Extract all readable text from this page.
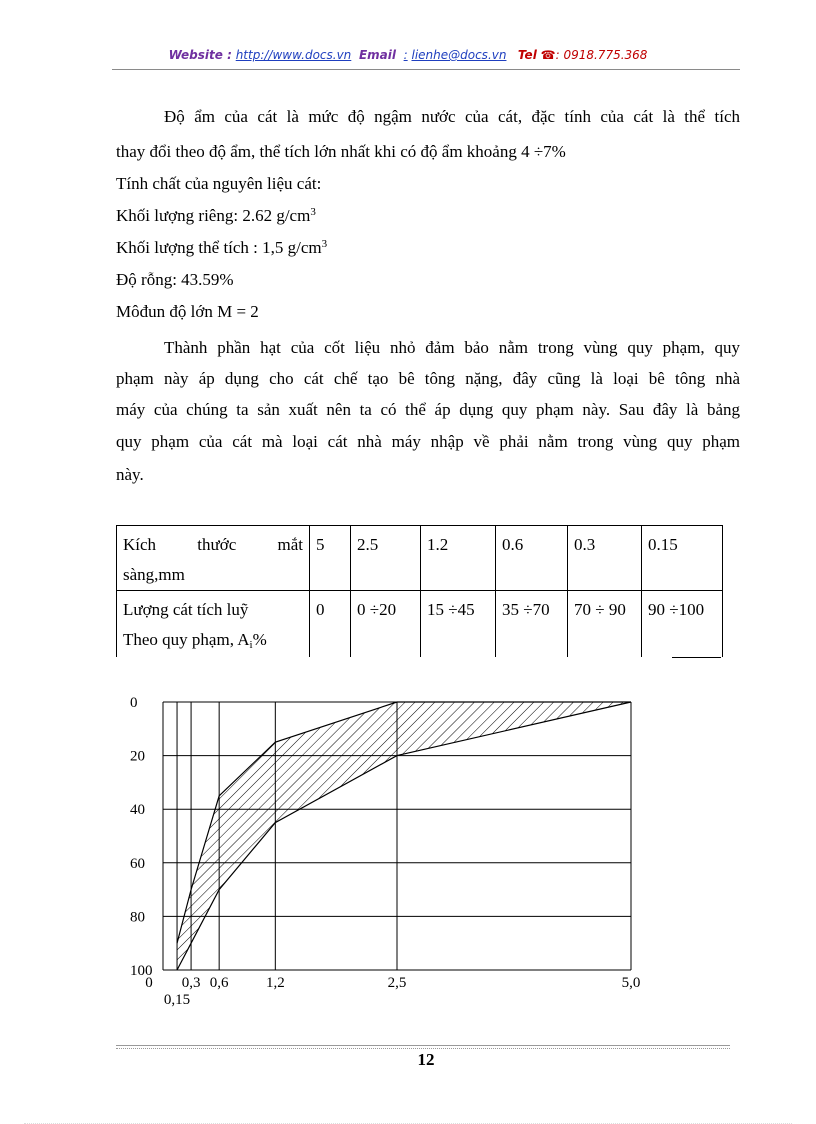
Website : http://www.docs.vn Email : lienhe@docs.vn Tel ☎: 0918.775.368
Độ ẩm của cát là mức độ ngậm nước của cát, đặc tính của cát là thể tích
thay đổi theo độ ẩm, thể tích lớn nhất khi có độ ẩm khoảng 4 ÷7%
Tính chất của nguyên liệu cát:
Khối lượng riêng: 2.62 $g/cm^3$
Khối lượng thể tích : 1,5 $g/cm^3$
Độ rỗng: 43.59%
Môđun độ lớn M = 2
Thành phần hạt của cốt liệu nhỏ đảm bảo nằm trong vùng quy phạm, quy
phạm này áp dụng cho cát chế tạo bê tông nặng, đây cũng là loại bê tông nhà
máy của chúng ta sản xuất nên ta có thể áp dụng quy phạm này. Sau đây là bảng
quy phạm của cát mà loại cát nhà máy nhập về phải nằm trong vùng quy phạm
này.
Kích thước mắt
sàng,mm	5	2.5	1.2	0.6	0.3	0.15

Lượng cát tích luỹ
Theo quy phạm, $A_i\%$	0	0 ÷20	15 ÷45	35 ÷70	70 ÷ 90	90 ÷100
0
20
40
60
80
100
0
0,15
0,3 0,6 1,2	2,5	5,0
12
